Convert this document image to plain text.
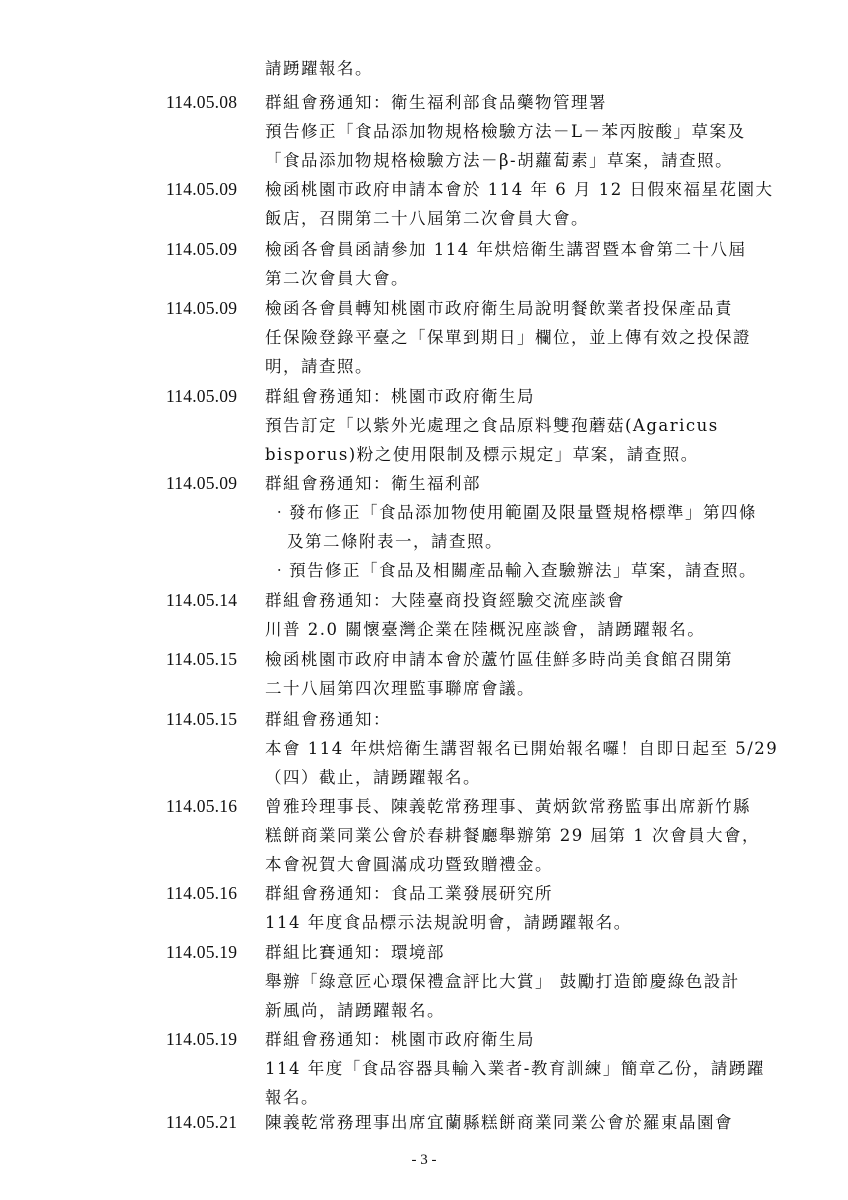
請踴躍報名。
114.05.08 群組會務通知：衛生福利部食品藥物管理署
預告修正「食品添加物規格檢驗方法－L－苯丙胺酸」草案及
「食品添加物規格檢驗方法－β-胡蘿蔔素」草案，請查照。
114.05.09 檢函桃園市政府申請本會於 114 年 6 月 12 日假來福星花園大
飯店，召開第二十八屆第二次會員大會。
114.05.09 檢函各會員函請參加 114 年烘焙衛生講習暨本會第二十八屆
第二次會員大會。
114.05.09 檢函各會員轉知桃園市政府衛生局說明餐飲業者投保產品責
任保險登錄平臺之「保單到期日」欄位，並上傳有效之投保證
明，請查照。
114.05.09 群組會務通知：桃園市政府衛生局
預告訂定「以紫外光處理之食品原料雙孢蘑菇(Agaricus
bisporus)粉之使用限制及標示規定」草案，請查照。
114.05.09 群組會務通知：衛生福利部
‧發布修正「食品添加物使用範圍及限量暨規格標準」第四條
及第二條附表一，請查照。
‧預告修正「食品及相關產品輸入查驗辦法」草案，請查照。
114.05.14 群組會務通知：大陸臺商投資經驗交流座談會
川普 2.0 關懷臺灣企業在陸概況座談會，請踴躍報名。
114.05.15 檢函桃園市政府申請本會於蘆竹區佳鮮多時尚美食館召開第
二十八屆第四次理監事聯席會議。
114.05.15 群組會務通知：
本會 114 年烘焙衛生講習報名已開始報名囉！自即日起至 5/29
（四）截止，請踴躍報名。
114.05.16 曾雅玲理事長、陳義乾常務理事、黃炳欽常務監事出席新竹縣
糕餅商業同業公會於春耕餐廳舉辦第 29 屆第 1 次會員大會，
本會祝賀大會圓滿成功暨致贈禮金。
114.05.16 群組會務通知：食品工業發展研究所
114 年度食品標示法規說明會，請踴躍報名。
114.05.19 群組比賽通知：環境部
舉辦「綠意匠心環保禮盒評比大賞」 鼓勵打造節慶綠色設計
新風尚，請踴躍報名。
114.05.19 群組會務通知：桃園市政府衛生局
114 年度「食品容器具輸入業者-教育訓練」簡章乙份，請踴躍
報名。
114.05.21 陳義乾常務理事出席宜蘭縣糕餅商業同業公會於羅東晶園會
- 3 -
